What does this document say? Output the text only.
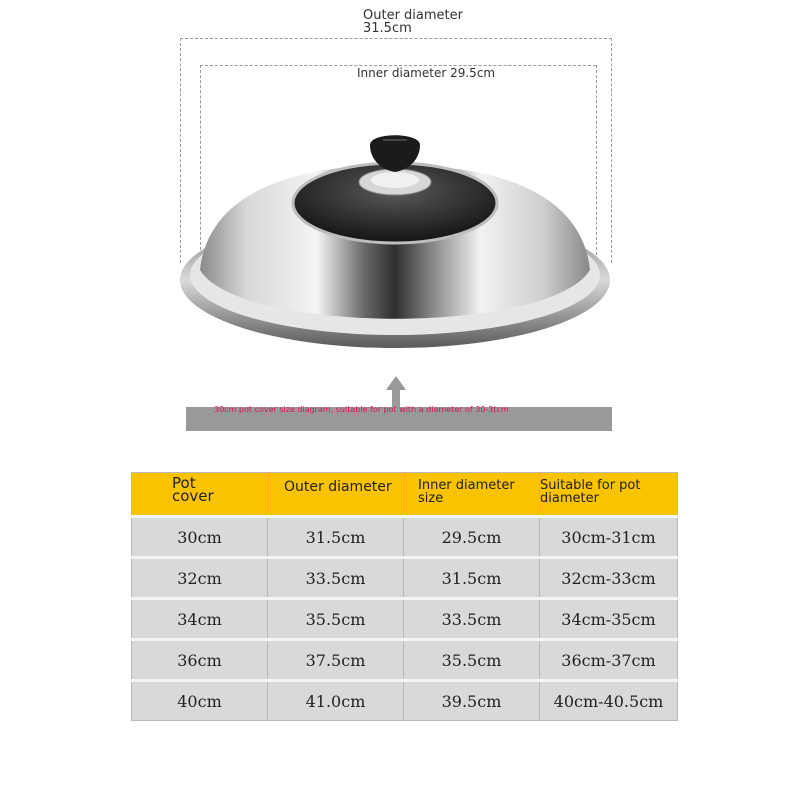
Outer diameter
31.5cm
Inner diameter 29.5cm
30cm pot cover size diagram, suitable for pot with a diameter of 30-3tcm
Pot cover	Outer diameter	Inner diameter size	Suitable for pot diameter

30cm	31.5cm	29.5cm	30cm-31cm
32cm	33.5cm	31.5cm	32cm-33cm
34cm	35.5cm	33.5cm	34cm-35cm
36cm	37.5cm	35.5cm	36cm-37cm
40cm	41.0cm	39.5cm	40cm-40.5cm
